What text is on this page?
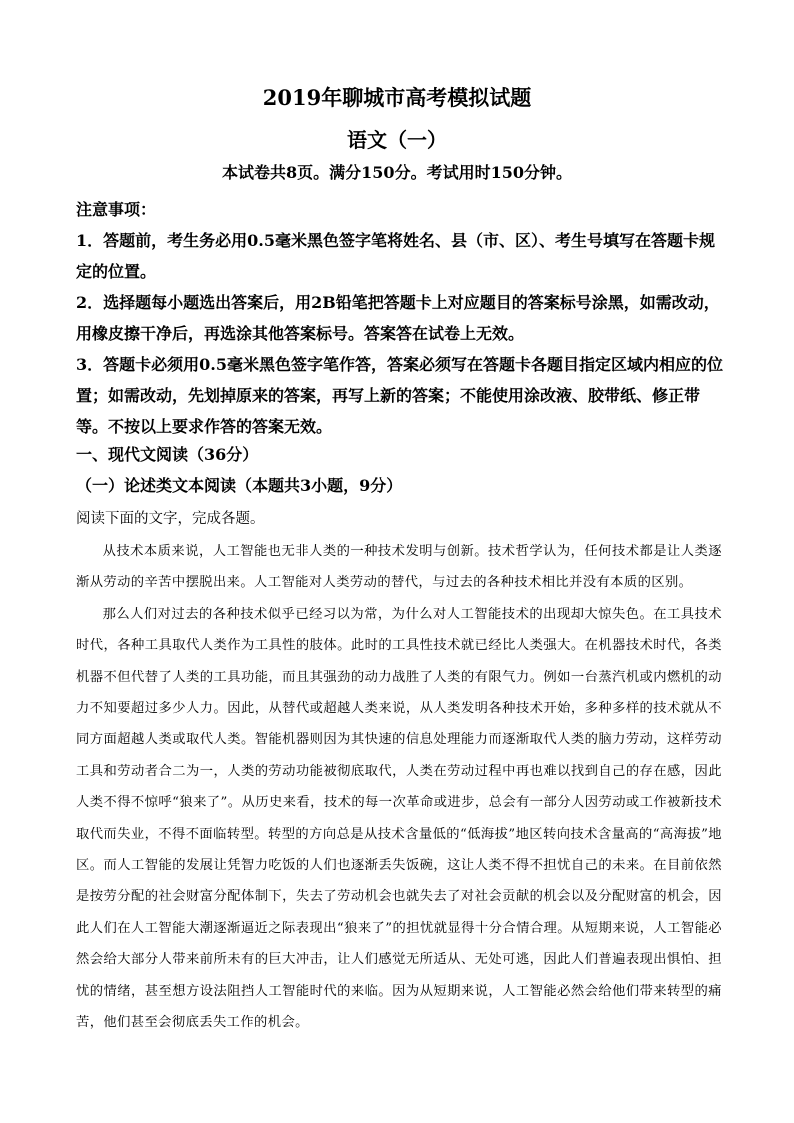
2019年聊城市高考模拟试题
语文（一）
本试卷共8页。满分150分。考试用时150分钟。

注意事项：

1．答题前，考生务必用0.5毫米黑色签字笔将姓名、县（市、区）、考生号填写在答题卡规定的位置。

2．选择题每小题选出答案后，用2B铅笔把答题卡上对应题目的答案标号涂黑，如需改动，用橡皮擦干净后，再选涂其他答案标号。答案答在试卷上无效。

3．答题卡必须用0.5毫米黑色签字笔作答，答案必须写在答题卡各题目指定区域内相应的位置；如需改动，先划掉原来的答案，再写上新的答案；不能使用涂改液、胶带纸、修正带等。不按以上要求作答的答案无效。

一、现代文阅读（36分）
（一）论述类文本阅读（本题共3小题，9分）
阅读下面的文字，完成各题。

从技术本质来说，人工智能也无非人类的一种技术发明与创新。技术哲学认为，任何技术都是让人类逐渐从劳动的辛苦中摆脱出来。人工智能对人类劳动的替代，与过去的各种技术相比并没有本质的区别。

那么人们对过去的各种技术似乎已经习以为常，为什么对人工智能技术的出现却大惊失色。在工具技术时代，各种工具取代人类作为工具性的肢体。此时的工具性技术就已经比人类强大。在机器技术时代，各类机器不但代替了人类的工具功能，而且其强劲的动力战胜了人类的有限气力。例如一台蒸汽机或内燃机的动力不知要超过多少人力。因此，从替代或超越人类来说，从人类发明各种技术开始，多种多样的技术就从不同方面超越人类或取代人类。智能机器则因为其快速的信息处理能力而逐渐取代人类的脑力劳动，这样劳动工具和劳动者合二为一，人类的劳动功能被彻底取代，人类在劳动过程中再也难以找到自己的存在感，因此人类不得不惊呼“狼来了”。从历史来看，技术的每一次革命或进步，总会有一部分人因劳动或工作被新技术取代而失业，不得不面临转型。转型的方向总是从技术含量低的“低海拔”地区转向技术含量高的“高海拔”地区。而人工智能的发展让凭智力吃饭的人们也逐渐丢失饭碗，这让人类不得不担忧自己的未来。在目前依然是按劳分配的社会财富分配体制下，失去了劳动机会也就失去了对社会贡献的机会以及分配财富的机会，因此人们在人工智能大潮逐渐逼近之际表现出“狼来了”的担忧就显得十分合情合理。从短期来说，人工智能必然会给大部分人带来前所未有的巨大冲击，让人们感觉无所适从、无处可逃，因此人们普遍表现出惧怕、担忧的情绪，甚至想方设法阻挡人工智能时代的来临。因为从短期来说，人工智能必然会给他们带来转型的痛苦，他们甚至会彻底丢失工作的机会。
